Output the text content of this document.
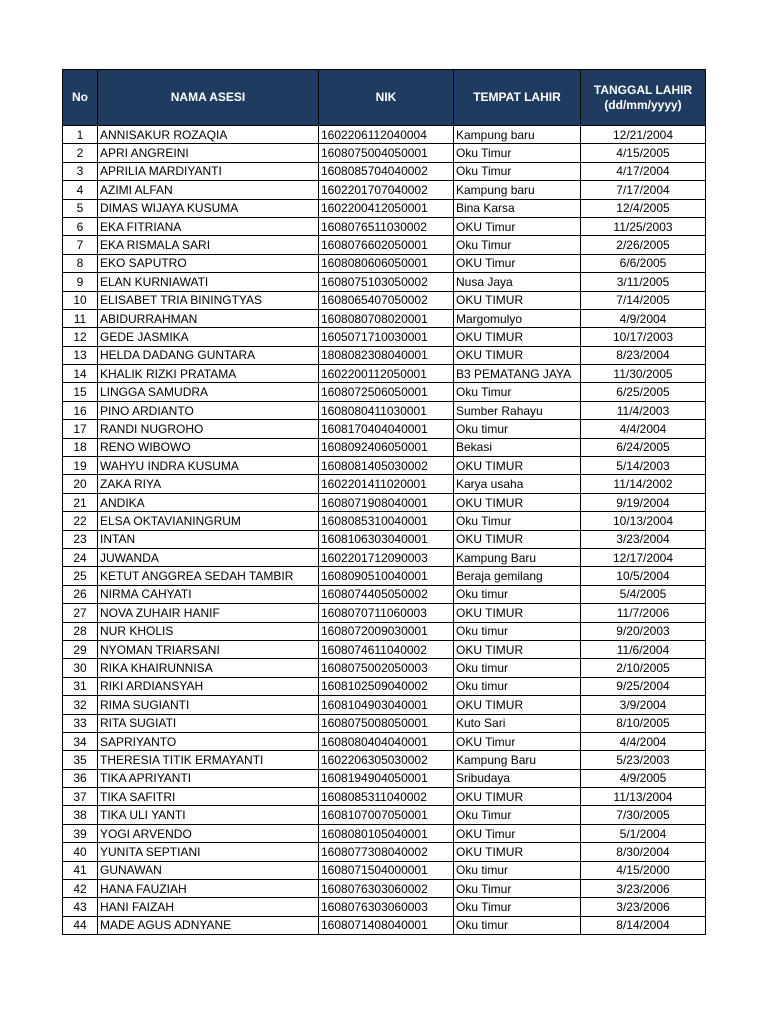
No	NAMA ASESI	NIK	TEMPAT LAHIR	TANGGAL LAHIR
(dd/mm/yyyy)

1	ANNISAKUR ROZAQIA	1602206112040004	Kampung baru	12/21/2004
2	APRI ANGREINI	1608075004050001	Oku Timur	4/15/2005
3	APRILIA MARDIYANTI	1608085704040002	Oku Timur	4/17/2004
4	AZIMI ALFAN	1602201707040002	Kampung baru	7/17/2004
5	DIMAS WIJAYA KUSUMA	1602200412050001	Bina Karsa	12/4/2005
6	EKA FITRIANA	1608076511030002	OKU Timur	11/25/2003
7	EKA RISMALA SARI	1608076602050001	Oku Timur	2/26/2005
8	EKO SAPUTRO	1608080606050001	OKU Timur	6/6/2005
9	ELAN KURNIAWATI	1608075103050002	Nusa Jaya	3/11/2005
10	ELISABET TRIA BININGTYAS	1608065407050002	OKU TIMUR	7/14/2005
11	ABIDURRAHMAN	1608080708020001	Margomulyo	4/9/2004
12	GEDE JASMIKA	1605071710030001	OKU TIMUR	10/17/2003
13	HELDA DADANG GUNTARA	1808082308040001	OKU TIMUR	8/23/2004
14	KHALIK RIZKI PRATAMA	1602200112050001	B3 PEMATANG JAYA	11/30/2005
15	LINGGA SAMUDRA	1608072506050001	Oku Timur	6/25/2005
16	PINO ARDIANTO	1608080411030001	Sumber Rahayu	11/4/2003
17	RANDI NUGROHO	1608170404040001	Oku timur	4/4/2004
18	RENO WIBOWO	1608092406050001	Bekasi	6/24/2005
19	WAHYU INDRA KUSUMA	1608081405030002	OKU TIMUR	5/14/2003
20	ZAKA RIYA	1602201411020001	Karya usaha	11/14/2002
21	ANDIKA	1608071908040001	OKU TIMUR	9/19/2004
22	ELSA OKTAVIANINGRUM	1608085310040001	Oku Timur	10/13/2004
23	INTAN	1608106303040001	OKU TIMUR	3/23/2004
24	JUWANDA	1602201712090003	Kampung Baru	12/17/2004
25	KETUT ANGGREA SEDAH TAMBIR	1608090510040001	Beraja gemilang	10/5/2004
26	NIRMA CAHYATI	1608074405050002	Oku timur	5/4/2005
27	NOVA ZUHAIR HANIF	1608070711060003	OKU TIMUR	11/7/2006
28	NUR KHOLIS	1608072009030001	Oku timur	9/20/2003
29	NYOMAN TRIARSANI	1608074611040002	OKU TIMUR	11/6/2004
30	RIKA KHAIRUNNISA	1608075002050003	Oku timur	2/10/2005
31	RIKI ARDIANSYAH	1608102509040002	Oku timur	9/25/2004
32	RIMA SUGIANTI	1608104903040001	OKU TIMUR	3/9/2004
33	RITA SUGIATI	1608075008050001	Kuto Sari	8/10/2005
34	SAPRIYANTO	1608080404040001	OKU Timur	4/4/2004
35	THERESIA TITIK ERMAYANTI	1602206305030002	Kampung Baru	5/23/2003
36	TIKA APRIYANTI	1608194904050001	Sribudaya	4/9/2005
37	TIKA SAFITRI	1608085311040002	OKU TIMUR	11/13/2004
38	TIKA ULI YANTI	1608107007050001	Oku Timur	7/30/2005
39	YOGI ARVENDO	1608080105040001	OKU Timur	5/1/2004
40	YUNITA SEPTIANI	1608077308040002	OKU TIMUR	8/30/2004
41	GUNAWAN	1608071504000001	Oku timur	4/15/2000
42	HANA FAUZIAH	1608076303060002	Oku Timur	3/23/2006
43	HANI FAIZAH	1608076303060003	Oku Timur	3/23/2006
44	MADE AGUS ADNYANE	1608071408040001	Oku timur	8/14/2004
